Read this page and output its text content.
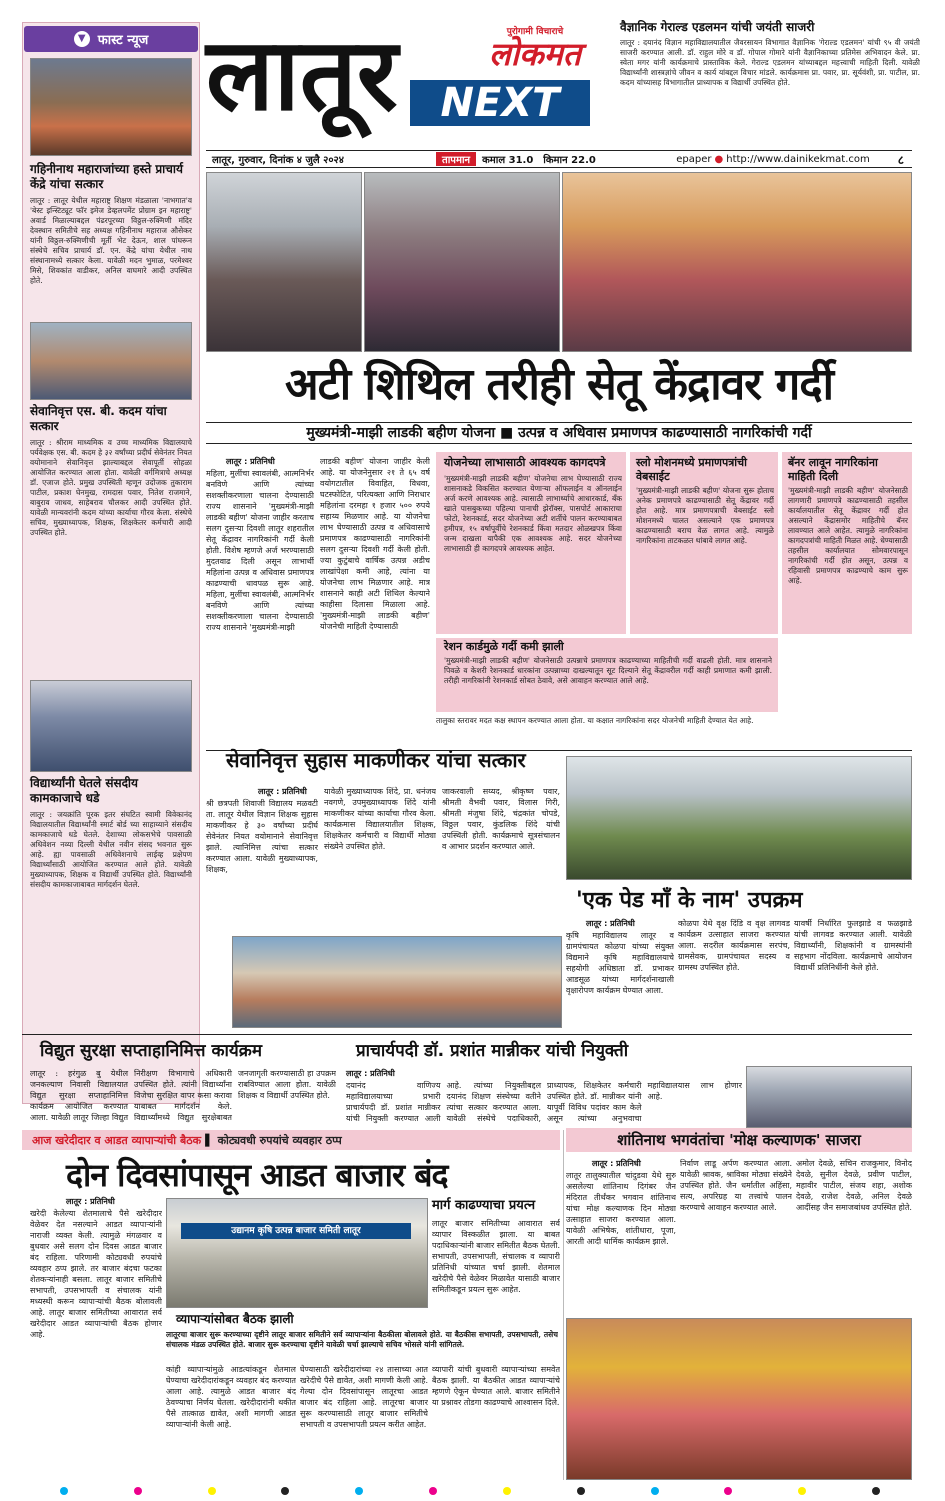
▼ फास्ट न्यूज
गहिनीनाथ महाराजांच्या हस्ते प्राचार्य केंद्रे यांचा सत्कार
लातूर : लातूर येथील महाराष्ट्र शिक्षण मंडळाला 'नाभगात'व 'बेस्ट इन्स्टिट्यूट फॉर इमेज डेव्हलपमेंट प्रोग्राम इन महाराष्ट्र' अवार्ड मिळाल्याबद्दल पंढरपूरच्या विठ्ठल-रुक्मिणी मंदिर देवस्थान समितीचे सह अध्यक्ष गहिनीनाथ महाराज औसेकर यांनी विठ्ठल-रुक्मिणीची मूर्ती भेट देऊन, शाल पांघरून संस्थेचे सचिव प्राचार्य डॉ. एन. केंद्रे यांचा येथील नाथ संस्थानामध्ये सत्कार केला. यावेळी मदन भुमाळ, परमेश्वर मिसे, शिवकांत वाडीकर, अनिल वाघमारे आदी उपस्थित होते.
सेवानिवृत्त एस. बी. कदम यांचा सत्कार
लातूर : श्रीराम माध्यमिक व उच्च माध्यमिक विद्यालयाचे पर्यवेक्षक एस. बी. कदम हे ३२ वर्षांच्या प्रदीर्घ सेवेनंतर नियत वयोमानाने सेवानिवृत्त झाल्याबद्दल सेवापूर्ती सोहळा आयोजित करण्यात आला होता. यावेळी वर्गमित्राचे अध्यक्ष डॉ. एजाज होते. प्रमुख उपस्थिती म्हणून उदोजक तुकाराम पाटील, प्रकाश घेनमुख, रामदास पवार, नितेश राजमाने, बाबुराव जाधव, साहेबराव चौलकर आदी उपस्थित होते. यावेळी मान्यवरांनी कदम यांच्या कार्याचा गौरव केला. संस्थेचे सचिव, मुख्याध्यापक, शिक्षक, शिक्षकेतर कर्मचारी आदी उपस्थित होते.
विद्यार्थ्यांनी घेतले संसदीय कामकाजाचे धडे
लातूर : जयक्रांति पूरक इतर संघटित स्वामी विवेकानंद विद्यालयातील विद्यार्थ्यांनी स्मार्ट बोर्ड च्या साहाय्याने संसदीय कामकाजाचे धडे घेतले. देशाच्या लोकसभेचे पावसाळी अधिवेशन नव्या दिल्ली येथील नवीन संसद भवनात सुरू आहे. ह्या पावसाळी अधिवेशनाचे लाईव्ह प्रक्षेपण विद्यार्थ्यांसाठी आयोजित करण्यात आले होते. यावेळी मुख्याध्यापक, शिक्षक व विद्यार्थी उपस्थित होते. विद्यार्थ्यांनी संसदीय कामकाजाबाबत मार्गदर्शन घेतले.
लातूर	NEXT
पुरोगामी विचाराचे
लोकमत
लातूर, गुरुवार, दिनांक ४ जुलै २०२४	तापमान	कमाल 31.0 किमान 22.0	epaper ● http://www.dainikekmat.com ८
वैज्ञानिक गेराल्ड एडलमन यांची जयंती साजरी
लातूर : दयानंद विज्ञान महाविद्यालयातील जैवरसायन विभागात वैज्ञानिक 'गेराल्ड एडलमन' यांची ९५ वी जयंती साजरी करण्यात आली. डॉ. राहुल मोरे व डॉ. गोपाल गोमारे यांनी वैज्ञानिकाच्या प्रतिमेस अभिवादन केले. प्रा. स्वेता मगर यांनी कार्यक्रमाचे प्रास्ताविक केले. गेराल्ड एडलमन यांच्याबद्दल महत्त्वाची माहिती दिली. यावेळी विद्यार्थ्यांनी शास्त्रज्ञांचे जीवन व कार्य यांबद्दल विचार मांडले. कार्यक्रमास प्रा. पवार, प्रा. सूर्यवंशी, प्रा. पाटील, प्रा. कदम यांच्यासह विभागातील प्राध्यापक व विद्यार्थी उपस्थित होते.
अटी शिथिल तरीही सेतू केंद्रावर गर्दी
मुख्यमंत्री-माझी लाडकी बहीण योजना ■ उत्पन्न व अधिवास प्रमाणपत्र काढण्यासाठी नागरिकांची गर्दी
लातूर : प्रतिनिधी
महिला, मुलींचा स्वावलंबी, आत्मनिर्भर बनविणे आणि त्यांच्या सशक्तीकरणाला चालना देण्यासाठी राज्य शासनाने 'मुख्यमंत्री-माझी लाडकी बहीण' योजना जाहीर करताच सलग दुसऱ्या दिवशी लातूर शहरातील सेतू केंद्रावर नागरिकांनी गर्दी केली होती. विशेष म्हणजे अर्ज भरण्यासाठी मुदतवाढ दिली असून लाभार्थी महिलांना उत्पन्न व अधिवास प्रमाणपत्र काढण्याची धावपळ सुरू आहे. महिला, मुलींचा स्वावलंबी, आत्मनिर्भर बनविणे आणि त्यांच्या सशक्तीकरणाला चालना देण्यासाठी राज्य शासनाने 'मुख्यमंत्री-माझी
लाडकी बहीण' योजना जाहीर केली आहे. या योजनेनुसार २१ ते ६५ वर्ष वयोगटातील विवाहित, विधवा, घटस्फोटित, परित्यक्ता आणि निराधार महिलांना दरमहा १ हजार ५०० रुपये सहाय्य मिळणार आहे. या योजनेचा लाभ घेण्यासाठी उत्पन्न व अधिवासाचे प्रमाणपत्र काढण्यासाठी नागरिकांनी सलग दुसऱ्या दिवशी गर्दी केली होती. ज्या कुटुंबाचे वार्षिक उत्पन्न अडीच लाखांपेक्षा कमी आहे, त्यांना या योजनेचा लाभ मिळणार आहे. मात्र शासनाने काही अटी शिथिल केल्याने काहीसा दिलासा मिळाला आहे. 'मुख्यमंत्री-माझी लाडकी बहीण' योजनेची माहिती देण्यासाठी
योजनेच्या लाभासाठी आवश्यक कागदपत्रे
'मुख्यमंत्री-माझी लाडकी बहीण' योजनेचा लाभ घेण्यासाठी राज्य शासनाकडे विकसित करण्यात येणाऱ्या ऑफलाईन व ऑनलाईन अर्ज करणे आवश्यक आहे. त्यासाठी लाभार्थ्याचे आधारकार्ड, बँक खाते पासबुकच्या पहिल्या पानाची झेरॉक्स, पासपोर्ट आकाराचा फोटो, रेशनकार्ड, सदर योजनेच्या अटी शर्तीचे पालन करण्याबाबत हमीपत्र, १५ वर्षापूर्वीचे रेशनकार्ड किंवा मतदार ओळखपत्र किंवा जन्म दाखला यापैकी एक आवश्यक आहे. सदर योजनेच्या लाभासाठी ही कागदपत्रे आवश्यक आहेत.
स्लो मोशनमध्ये प्रमाणपत्रांची वेबसाईट
'मुख्यमंत्री-माझी लाडकी बहीण' योजना सुरू होताच अनेक प्रमाणपत्रे काढण्यासाठी सेतू केंद्रावर गर्दी होत आहे. मात्र प्रमाणपत्राची वेबसाईट स्लो मोशनमध्ये चालत असल्याने एक प्रमाणपत्र काढण्यासाठी बराच वेळ लागत आहे. त्यामुळे नागरिकांना ताटकळत थांबावे लागत आहे.
बॅनर लावून नागरिकांना माहिती दिली
'मुख्यमंत्री-माझी लाडकी बहीण' योजनेसाठी लागणारी प्रमाणपत्रे काढण्यासाठी तहसील कार्यालयातील सेतू केंद्रावर गर्दी होत असल्याने केंद्रासमोर माहितीचे बॅनर लावण्यात आले आहेत. त्यामुळे नागरिकांना कागदपत्रांची माहिती मिळत आहे. धेण्यासाठी तहसील कार्यालयात सोमवारपासून नागरिकांची गर्दी होत असून, उत्पन्न व रहिवासी प्रमाणपत्र काढण्याचे काम सुरू आहे.
रेशन कार्डमुळे गर्दी कमी झाली
'मुख्यमंत्री-माझी लाडकी बहीण' योजनेसाठी उत्पन्नाचे प्रमाणपत्र काढण्याच्या माहितीची गर्दी वाढली होती. मात्र शासनाने पिवळे व केशरी रेशनकार्ड धारकांना उत्पन्नाच्या दाखल्यातून सूट दिल्याने सेतू केंद्रावरील गर्दी काही प्रमाणात कमी झाली. तरीही नागरिकांनी रेशनकार्ड सोबत ठेवावे, असे आवाहन करण्यात आले आहे.
तालुका स्तरावर मदत कक्ष स्थापन करण्यात आला होता. या कक्षात नागरिकांना सदर योजनेची माहिती देण्यात येत आहे.
सेवानिवृत्त सुहास माकणीकर यांचा सत्कार
लातूर : प्रतिनिधी
श्री छत्रपती शिवाजी विद्यालय मळवटी ता. लातूर येथील विज्ञान शिक्षक सुहास माकणीकर हे ३० वर्षांच्या प्रदीर्घ सेवेनंतर नियत वयोमानाने सेवानिवृत्त झाले. त्यानिमित्त त्यांचा सत्कार करण्यात आला. यावेळी मुख्याध्यापक, शिक्षक,
यावेळी मुख्याध्यापक शिंदे, प्रा. धनंजय नवगणे, उपमुख्याध्यापक शिंदे यांनी माकणीकर यांच्या कार्याचा गौरव केला. कार्यक्रमास विद्यालयातील शिक्षक, शिक्षकेतर कर्मचारी व विद्यार्थी मोठ्या संख्येने उपस्थित होते.
जाकरवाली सय्यद, श्रीकृष्ण पवार, श्रीमती वैभवी पवार, विलास गिरी, श्रीमती मंजुषा शिंदे, चंद्रकांत चोपडे, विठ्ठल पवार, कुंडलिक शिंदे यांची उपस्थिती होती. कार्यक्रमाचे सूत्रसंचालन व आभार प्रदर्शन करण्यात आले.
'एक पेड माँ के नाम' उपक्रम
लातूर : प्रतिनिधी
कृषि महाविद्यालय लातूर व ग्रामपंचायत कोळपा यांच्या संयुक्त विद्यमाने कृषि महाविद्यालयाचे सहयोगी अधिष्ठाता डॉ. प्रभाकर आडसूळ यांच्या मार्गदर्शनाखाली वृक्षारोपण कार्यक्रम घेण्यात आला.
कोळपा येथे वृक्ष दिंडि व वृक्ष लागवड कार्यक्रम उत्साहात साजरा करण्यात आला. सदरील कार्यक्रमास सरपंच, ग्रामसेवक, ग्रामपंचायत सदस्य व ग्रामस्थ उपस्थित होते.
यावर्षी निर्धारित फुलझाडे व फळझाडे यांची लागवड करण्यात आली. यावेळी विद्यार्थ्यांनी, शिक्षकांनी व ग्रामस्थांनी सहभाग नोंदविला. कार्यक्रमाचे आयोजन विद्यार्थी प्रतिनिधींनी केले होते.
विद्युत सुरक्षा सप्ताहानिमित्त कार्यक्रम
लातूर : हरंगुळ बु येथील जनकल्याण निवासी विद्यालयात विद्युत सुरक्षा सप्ताहानिमित्त कार्यक्रम आयोजित करण्यात आला. यावेळी लातूर जिल्हा विद्युत निरीक्षण विभागाचे अधिकारी उपस्थित होते. त्यांनी विद्यार्थ्यांना विजेचा सुरक्षित वापर कसा करावा याबाबत मार्गदर्शन केले. विद्यार्थ्यांमध्ये विद्युत सुरक्षेबाबत जनजागृती करण्यासाठी हा उपक्रम राबविण्यात आला होता. यावेळी शिक्षक व विद्यार्थी उपस्थित होते.
प्राचार्यपदी डॉ. प्रशांत मान्नीकर यांची नियुक्ती
लातूर : प्रतिनिधी
दयानंद वाणिज्य महाविद्यालयाच्या प्रभारी प्राचार्यपदी डॉ. प्रशांत मान्नीकर यांची नियुक्ती करण्यात आली आहे. त्यांच्या नियुक्तीबद्दल दयानंद शिक्षण संस्थेच्या वतीने त्यांचा सत्कार करण्यात आला. यावेळी संस्थेचे पदाधिकारी, प्राध्यापक, शिक्षकेतर कर्मचारी उपस्थित होते. डॉ. मान्नीकर यांनी यापूर्वी विविध पदांवर काम केले असून त्यांच्या अनुभवाचा महाविद्यालयास लाभ होणार आहे.
आज खरेदीदार व आडत व्यापाऱ्यांची बैठक ▌ कोट्यवधी रुपयांचे व्यवहार ठप्प
दोन दिवसांपासून आडत बाजार बंद
लातूर : प्रतिनिधी
खरेदी केलेल्या शेतमालाचे पैसे खरेदीदार वेळेवर देत नसल्याने आडत व्यापाऱ्यांनी नाराजी व्यक्त केली. त्यामुळे मंगळवार व बुधवार असे सलग दोन दिवस आडत बाजार बंद राहिला. परिणामी कोट्यवधी रुपयांचे व्यवहार ठप्प झाले. तर बाजार बंदचा फटका शेतकऱ्यांनाही बसला. लातूर बाजार समितीचे सभापती, उपसभापती व संचालक यांनी मध्यस्थी करून व्यापाऱ्यांची बैठक बोलावली आहे. लातूर बाजार समितीच्या आवारात सर्व खरेदीदार आडत व्यापाऱ्यांची बैठक होणार आहे.
उद्यानम कृषि उत्पन्न बाजार समिती लातूर
व्यापाऱ्यांसोबत बैठक झाली
लातूरचा बाजार सुरू करण्याच्या दृष्टीने लातूर बाजार समितीने सर्व व्यापाऱ्यांना बैठकीला बोलावले होते. या बैठकीस सभापती, उपसभापती, तसेच संचालक मंडळ उपस्थित होते. बाजार सुरू करण्याचा दृष्टीने यावेळी चर्चा झाल्याचे सचिव भोसले यांनी सांगितले.
कांही व्यापाऱ्यांमुळे आडत्यांकडून शेतमाल घेण्याचा खरेदीदारांकडून व्यवहार बंद करण्यात आला आहे. त्यामुळे आडत बाजार बंद ठेवण्याचा निर्णय घेतला. खरेदीदारांनी थकीत पैसे तात्काळ द्यावेत, अशी मागणी आडत व्यापाऱ्यांनी केली आहे.
घेण्यासाठी खरेदीदारांच्या २४ तासाच्या आत खरेदीचे पैसे द्यावेत, अशी मागणी केली आहे. गेल्या दोन दिवसांपासून लातूरचा आडत बाजार बंद राहिला आहे. लातूरचा बाजार सुरू करण्यासाठी लातूर बाजार समितीचे सभापती व उपसभापती प्रयत्न करीत आहेत.
मार्ग काढण्याचा प्रयत्न
लातूर बाजार समितीच्या आवारात सर्व व्यापार विस्कळीत झाला. या बाबत पदाधिकाऱ्यांनी बाजार समितीत बैठक घेतली. सभापती, उपसभापती, संचालक व व्यापारी प्रतिनिधी यांच्यात चर्चा झाली. शेतमाल खरेदीचे पैसे वेळेवर मिळावेत यासाठी बाजार समितीकडून प्रयत्न सुरू आहेत.
व्यापारी यांची बुधवारी व्यापाऱ्यांच्या समवेत बैठक झाली. या बैठकीत आडत व्यापाऱ्यांचे म्हणणे ऐकून घेण्यात आले. बाजार समितीने या प्रश्नावर तोडगा काढण्याचे आश्वासन दिले.
शांतिनाथ भगवंतांचा 'मोक्ष कल्याणक' साजरा
लातूर : प्रतिनिधी
लातूर तालुक्यातील चांदुडवा येथे सुरु असलेल्या शांतिनाथ दिगंबर जैन मंदिरात तीर्थंकर भगवान शांतिनाथ यांचा मोक्ष कल्याणक दिन मोठ्या उत्साहात साजरा करण्यात आला. यावेळी अभिषेक, शांतीधारा, पूजा, आरती आदी धार्मिक कार्यक्रम झाले.
निर्वाण लाडू अर्पण करण्यात आला. यावेळी श्रावक, श्राविका मोठ्या संख्येने उपस्थित होते. जैन धर्मातील अहिंसा, सत्य, अपरिग्रह या तत्त्वांचे पालन करण्याचे आवाहन करण्यात आले.
अमोल देवळे, सचिन राजकुमार, विनोद देवळे, सुनील देवळे, प्रवीण पाटील, महावीर पाटील, संजय शहा, अशोक देवळे, राजेश देवळे, अनिल देवळे आदींसह जैन समाजबांधव उपस्थित होते.
